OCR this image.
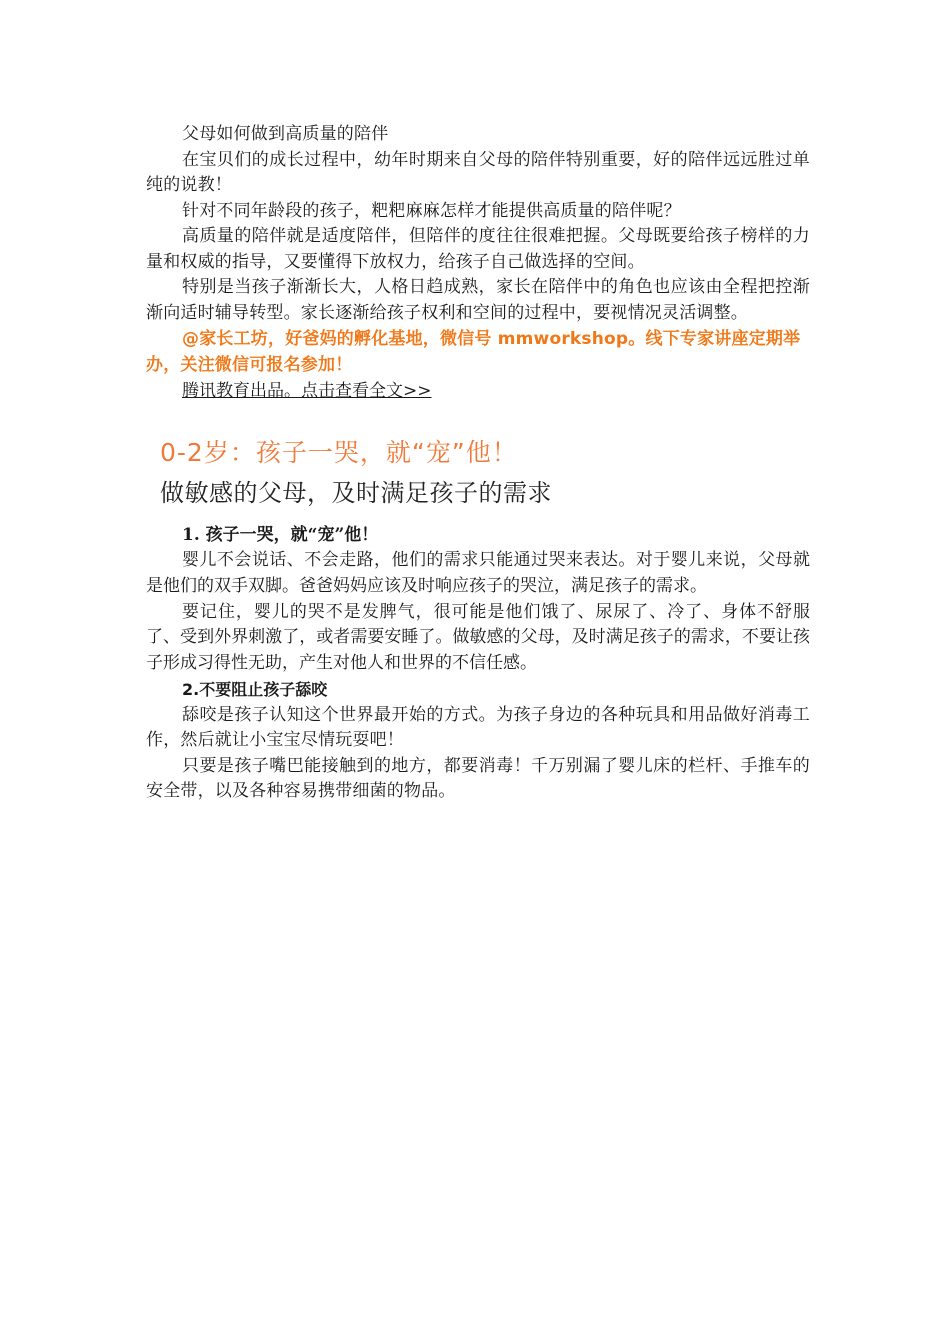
父母如何做到高质量的陪伴

在宝贝们的成长过程中，幼年时期来自父母的陪伴特别重要，好的陪伴远远胜过单纯的说教！

针对不同年龄段的孩子，粑粑麻麻怎样才能提供高质量的陪伴呢？

高质量的陪伴就是适度陪伴，但陪伴的度往往很难把握。父母既要给孩子榜样的力量和权威的指导，又要懂得下放权力，给孩子自己做选择的空间。

特别是当孩子渐渐长大，人格日趋成熟，家长在陪伴中的角色也应该由全程把控渐渐向适时辅导转型。家长逐渐给孩子权利和空间的过程中，要视情况灵活调整。

@家长工坊，好爸妈的孵化基地，微信号 mmworkshop。线下专家讲座定期举办，关注微信可报名参加！

腾讯教育出品。点击查看全文>>

0-2岁：孩子一哭，就“宠”他！
做敏感的父母，及时满足孩子的需求

1. 孩子一哭，就“宠”他！

婴儿不会说话、不会走路，他们的需求只能通过哭来表达。对于婴儿来说，父母就是他们的双手双脚。爸爸妈妈应该及时响应孩子的哭泣，满足孩子的需求。

要记住，婴儿的哭不是发脾气，很可能是他们饿了、尿尿了、冷了、身体不舒服了、受到外界刺激了，或者需要安睡了。做敏感的父母，及时满足孩子的需求，不要让孩子形成习得性无助，产生对他人和世界的不信任感。

2.不要阻止孩子舔咬

舔咬是孩子认知这个世界最开始的方式。为孩子身边的各种玩具和用品做好消毒工作，然后就让小宝宝尽情玩耍吧！

只要是孩子嘴巴能接触到的地方，都要消毒！千万别漏了婴儿床的栏杆、手推车的安全带，以及各种容易携带细菌的物品。
